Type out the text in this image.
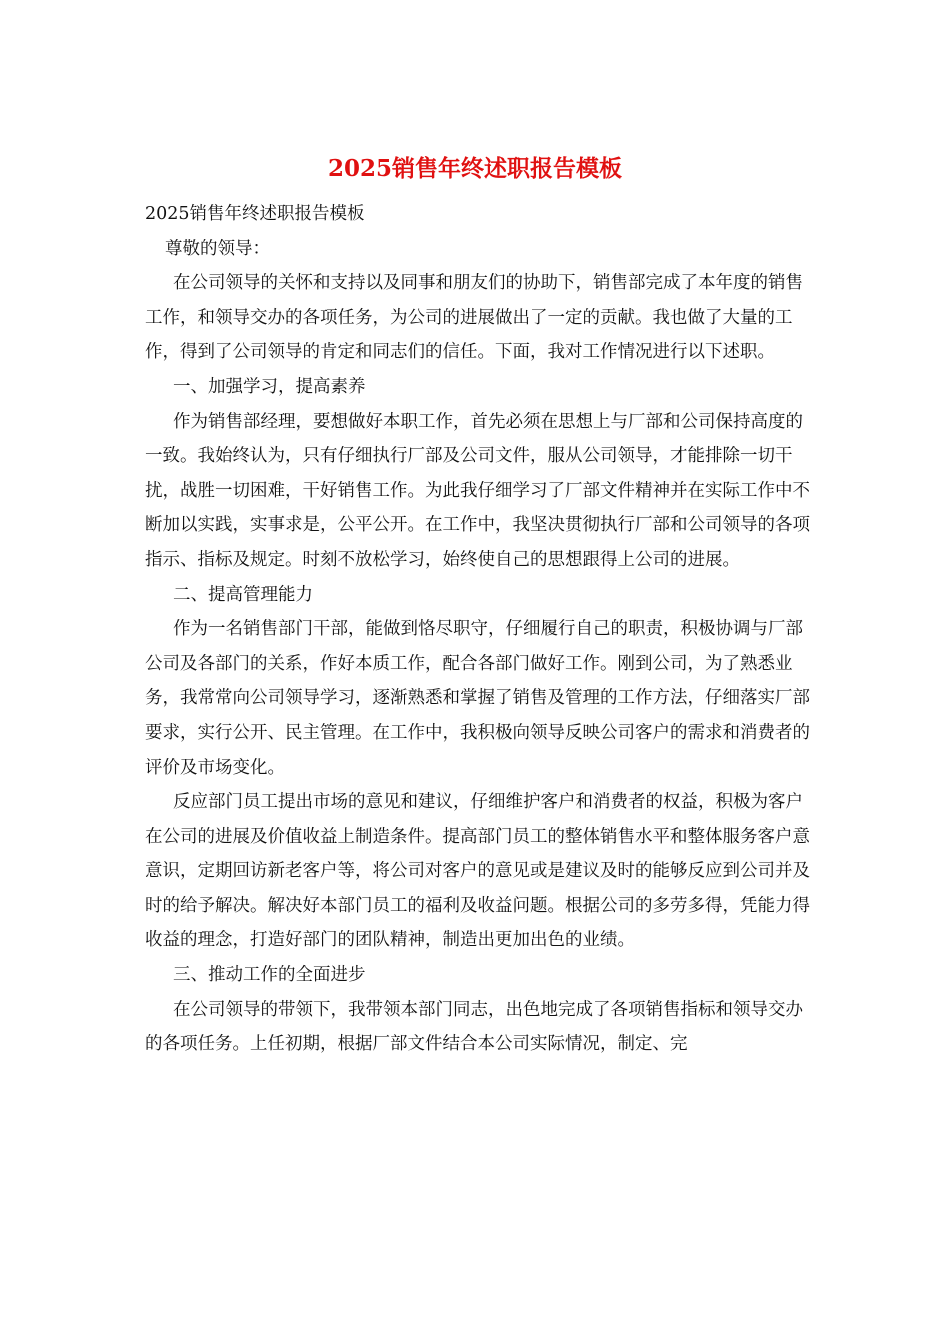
2025销售年终述职报告模板

2025销售年终述职报告模板

尊敬的领导：

在公司领导的关怀和支持以及同事和朋友们的协助下，销售部完成了本年度的销售工作，和领导交办的各项任务，为公司的进展做出了一定的贡献。我也做了大量的工作，得到了公司领导的肯定和同志们的信任。下面，我对工作情况进行以下述职。

一、加强学习，提高素养

作为销售部经理，要想做好本职工作，首先必须在思想上与厂部和公司保持高度的一致。我始终认为，只有仔细执行厂部及公司文件，服从公司领导，才能排除一切干扰，战胜一切困难，干好销售工作。为此我仔细学习了厂部文件精神并在实际工作中不断加以实践，实事求是，公平公开。在工作中，我坚决贯彻执行厂部和公司领导的各项指示、指标及规定。时刻不放松学习，始终使自己的思想跟得上公司的进展。

二、提高管理能力

作为一名销售部门干部，能做到恪尽职守，仔细履行自己的职责，积极协调与厂部公司及各部门的关系，作好本质工作，配合各部门做好工作。刚到公司，为了熟悉业务，我常常向公司领导学习，逐渐熟悉和掌握了销售及管理的工作方法，仔细落实厂部要求，实行公开、民主管理。在工作中，我积极向领导反映公司客户的需求和消费者的 评价及市场变化。

反应部门员工提出市场的意见和建议，仔细维护客户和消费者的权益，积极为客户在公司的进展及价值收益上制造条件。提高部门员工的整体销售水平和整体服务客户意意识，定期回访新老客户等，将公司对客户的意见或是建议及时的能够反应到公司并及时的给予解决。解决好本部门员工的福利及收益问题。根据公司的多劳多得，凭能力得收益的理念，打造好部门的团队精神，制造出更加出色的业绩。

三、推动工作的全面进步

在公司领导的带领下，我带领本部门同志，出色地完成了各项销售指标和领导交办的各项任务。上任初期，根据厂部文件结合本公司实际情况，制定、完
